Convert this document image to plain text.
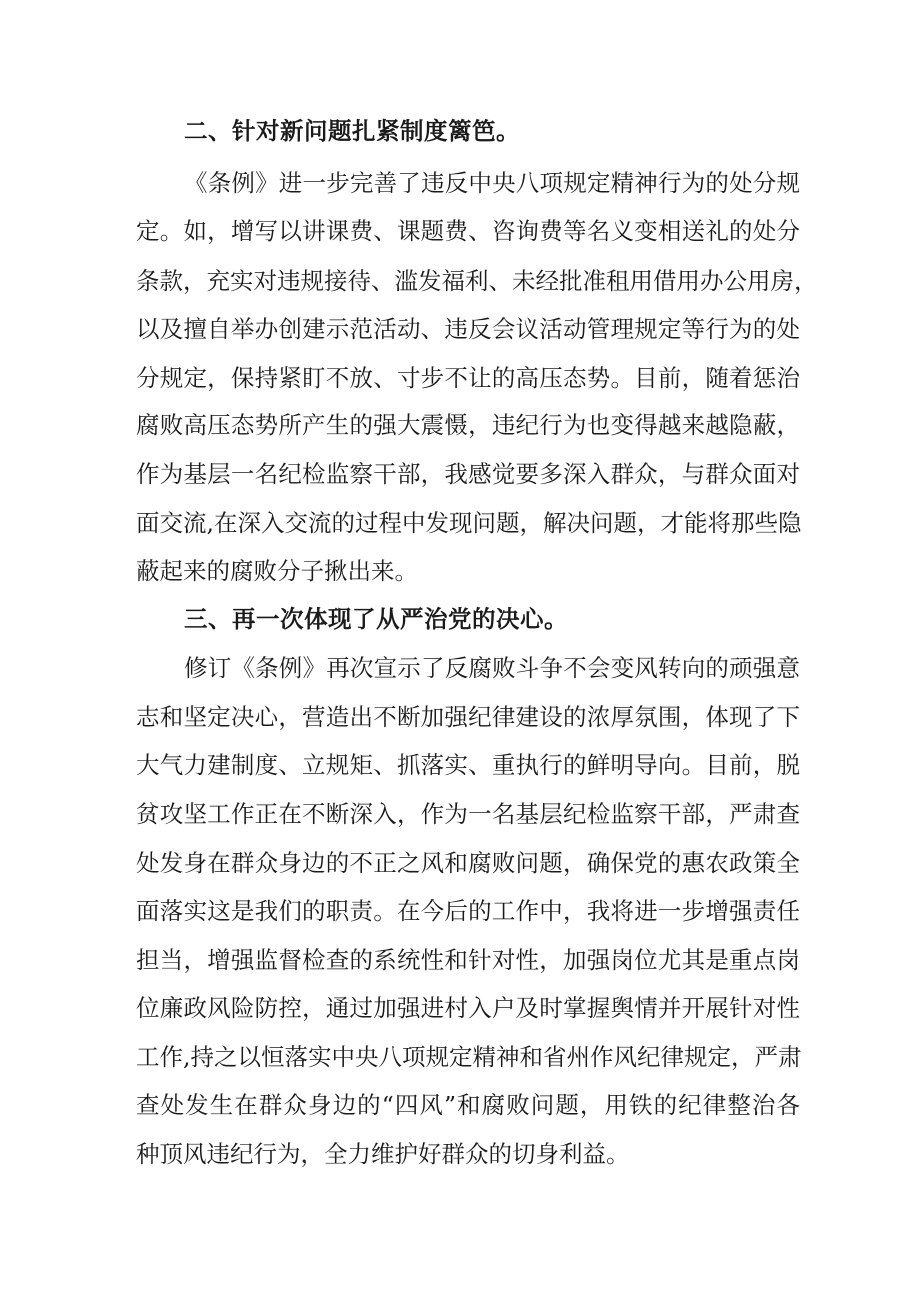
二、针对新问题扎紧制度篱笆。
《条例》进一步完善了违反中央八项规定精神行为的处分规
定。如，增写以讲课费、课题费、咨询费等名义变相送礼的处分
条款，充实对违规接待、滥发福利、未经批准租用借用办公用房，
以及擅自举办创建示范活动、违反会议活动管理规定等行为的处
分规定，保持紧盯不放、寸步不让的高压态势。目前，随着惩治
腐败高压态势所产生的强大震慑，违纪行为也变得越来越隐蔽，
作为基层一名纪检监察干部，我感觉要多深入群众，与群众面对
面交流,在深入交流的过程中发现问题，解决问题，才能将那些隐
蔽起来的腐败分子揪出来。
三、再一次体现了从严治党的决心。
修订《条例》再次宣示了反腐败斗争不会变风转向的顽强意
志和坚定决心，营造出不断加强纪律建设的浓厚氛围，体现了下
大气力建制度、立规矩、抓落实、重执行的鲜明导向。目前，脱
贫攻坚工作正在不断深入，作为一名基层纪检监察干部，严肃查
处发身在群众身边的不正之风和腐败问题，确保党的惠农政策全
面落实这是我们的职责。在今后的工作中，我将进一步增强责任
担当，增强监督检查的系统性和针对性，加强岗位尤其是重点岗
位廉政风险防控，通过加强进村入户及时掌握舆情并开展针对性
工作,持之以恒落实中央八项规定精神和省州作风纪律规定，严肃
查处发生在群众身边的“四风”和腐败问题，用铁的纪律整治各
种顶风违纪行为，全力维护好群众的切身利益。
